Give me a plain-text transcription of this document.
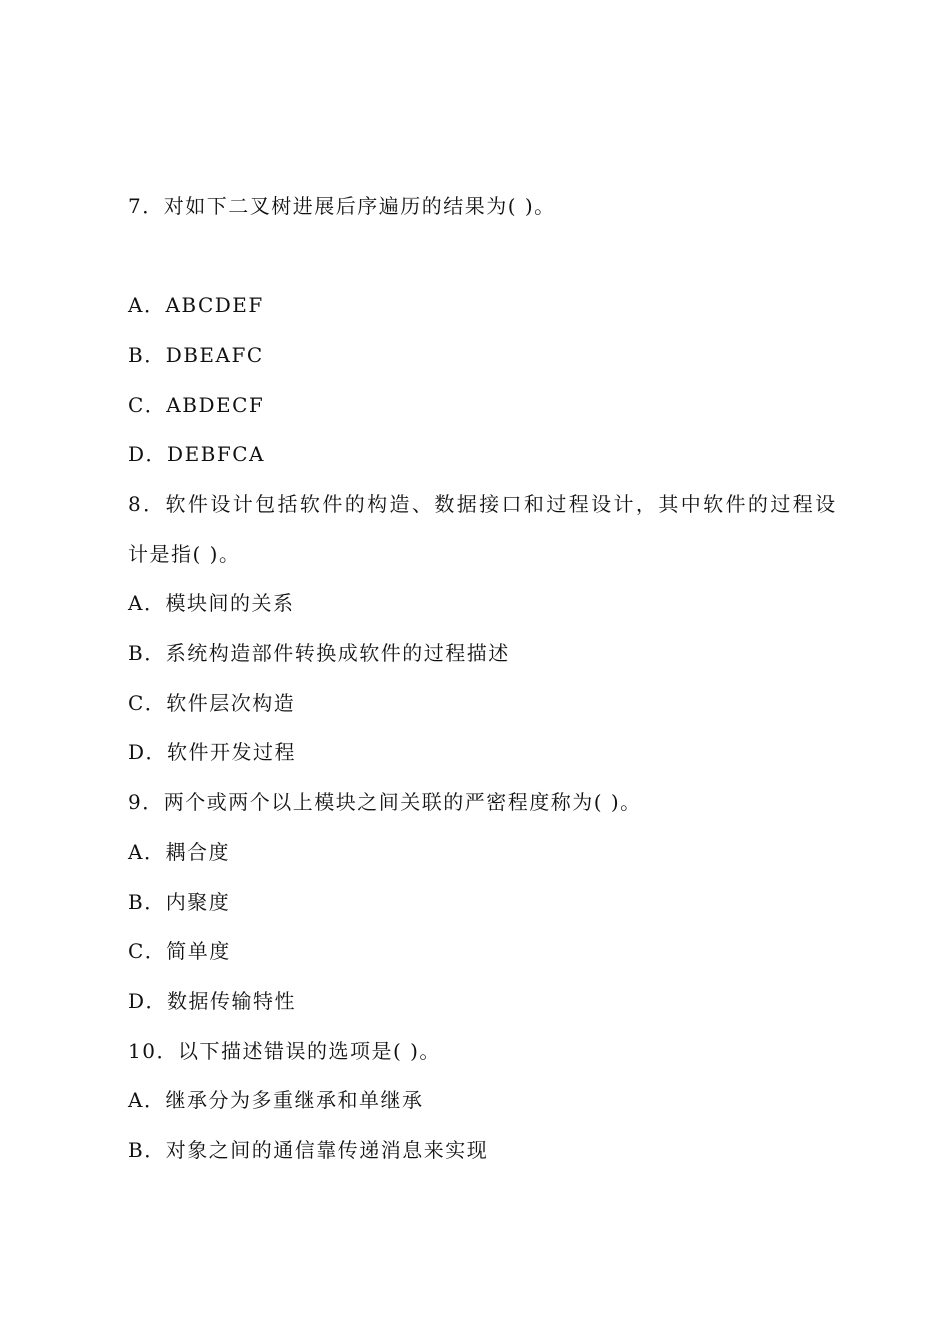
7．对如下二叉树进展后序遍历的结果为( )。
A．ABCDEF
B．DBEAFC
C．ABDECF
D．DEBFCA
8．软件设计包括软件的构造、数据接口和过程设计，其中软件的过程设
计是指( )。
A．模块间的关系
B．系统构造部件转换成软件的过程描述
C．软件层次构造
D．软件开发过程
9．两个或两个以上模块之间关联的严密程度称为( )。
A．耦合度
B．内聚度
C．简单度
D．数据传输特性
10．以下描述错误的选项是( )。
A．继承分为多重继承和单继承
B．对象之间的通信靠传递消息来实现
